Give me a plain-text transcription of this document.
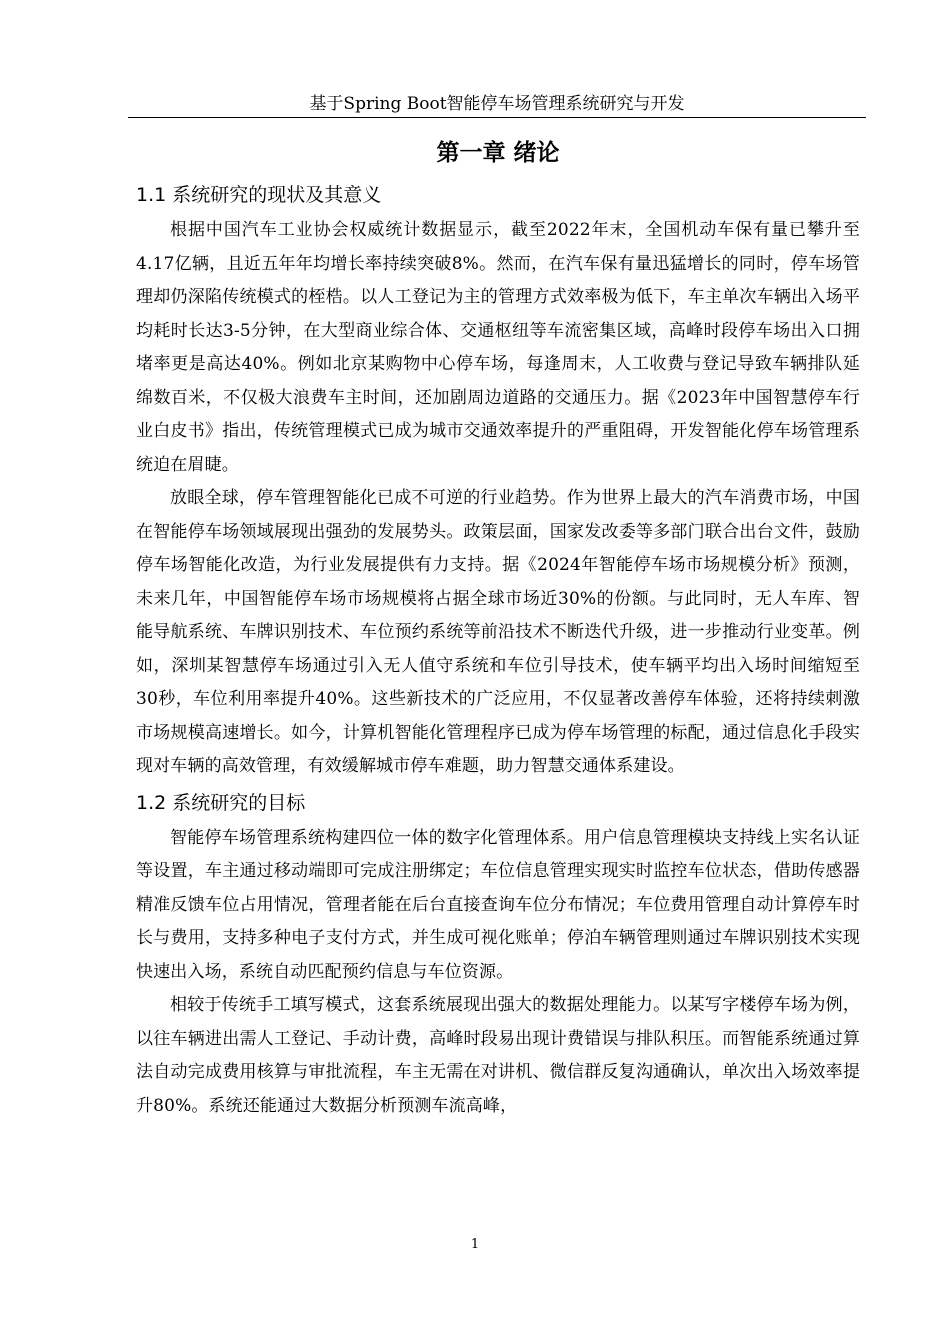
基于Spring Boot智能停车场管理系统研究与开发
第一章 绪论
1.1 系统研究的现状及其意义

根据中国汽车工业协会权威统计数据显示，截至2022年末，全国机动车保有量已攀升至4.17亿辆，且近五年年均增长率持续突破8%。然而，在汽车保有量迅猛增长的同时，停车场管理却仍深陷传统模式的桎梏。以人工登记为主的管理方式效率极为低下，车主单次车辆出入场平均耗时长达3-5分钟，在大型商业综合体、交通枢纽等车流密集区域，高峰时段停车场出入口拥堵率更是高达40%。例如北京某购物中心停车场，每逢周末，人工收费与登记导致车辆排队延绵数百米，不仅极大浪费车主时间，还加剧周边道路的交通压力。据《2023年中国智慧停车行业白皮书》指出，传统管理模式已成为城市交通效率提升的严重阻碍，开发智能化停车场管理系统迫在眉睫。

放眼全球，停车管理智能化已成不可逆的行业趋势。作为世界上最大的汽车消费市场，中国在智能停车场领域展现出强劲的发展势头。政策层面，国家发改委等多部门联合出台文件，鼓励停车场智能化改造，为行业发展提供有力支持。据《2024年智能停车场市场规模分析》预测，未来几年，中国智能停车场市场规模将占据全球市场近30%的份额。与此同时，无人车库、智能导航系统、车牌识别技术、车位预约系统等前沿技术不断迭代升级，进一步推动行业变革。例如，深圳某智慧停车场通过引入无人值守系统和车位引导技术，使车辆平均出入场时间缩短至30秒，车位利用率提升40%。这些新技术的广泛应用，不仅显著改善停车体验，还将持续刺激市场规模高速增长。如今，计算机智能化管理程序已成为停车场管理的标配，通过信息化手段实现对车辆的高效管理，有效缓解城市停车难题，助力智慧交通体系建设。

1.2 系统研究的目标

智能停车场管理系统构建四位一体的数字化管理体系。用户信息管理模块支持线上实名认证等设置，车主通过移动端即可完成注册绑定；车位信息管理实现实时监控车位状态，借助传感器精准反馈车位占用情况，管理者能在后台直接查询车位分布情况；车位费用管理自动计算停车时长与费用，支持多种电子支付方式，并生成可视化账单；停泊车辆管理则通过车牌识别技术实现快速出入场，系统自动匹配预约信息与车位资源。

相较于传统手工填写模式，这套系统展现出强大的数据处理能力。以某写字楼停车场为例，以往车辆进出需人工登记、手动计费，高峰时段易出现计费错误与排队积压。而智能系统通过算法自动完成费用核算与审批流程，车主无需在对讲机、微信群反复沟通确认，单次出入场效率提升80%。系统还能通过大数据分析预测车流高峰，

1
